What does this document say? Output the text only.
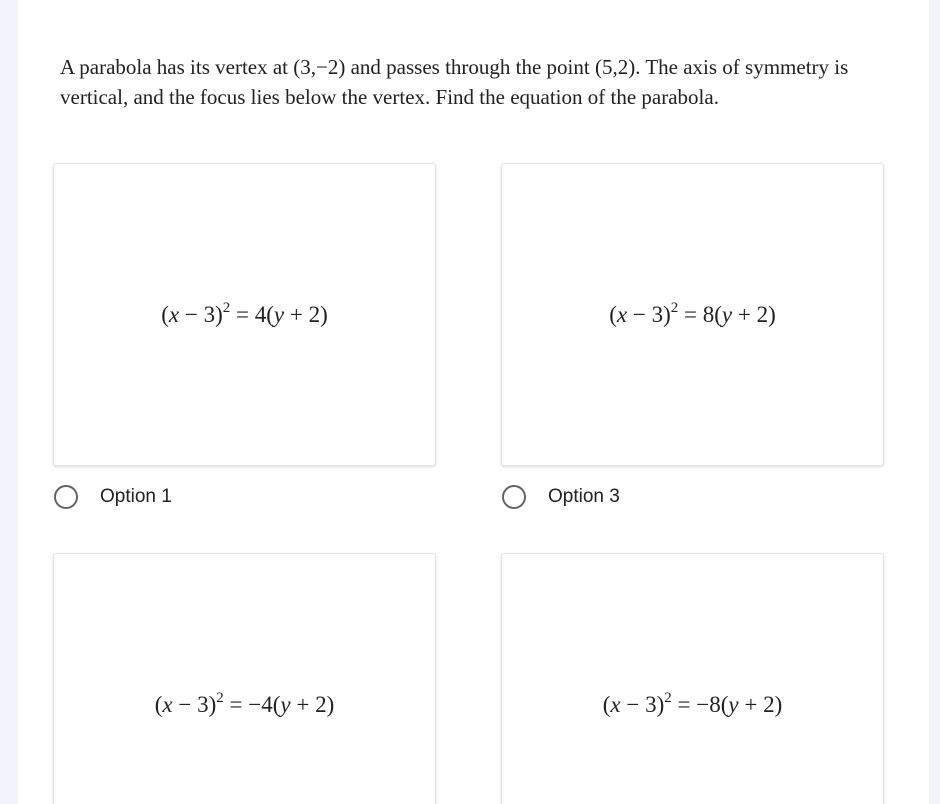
A parabola has its vertex at (3,−2) and passes through the point (5,2). The axis of symmetry is vertical, and the focus lies below the vertex. Find the equation of the parabola.

$(x - 3)^2 = 4(y + 2)$
Option 1
$(x - 3)^2 = 8(y + 2)$
Option 3
$(x - 3)^2 = -4(y + 2)$	$(x - 3)^2 = -8(y + 2)$
